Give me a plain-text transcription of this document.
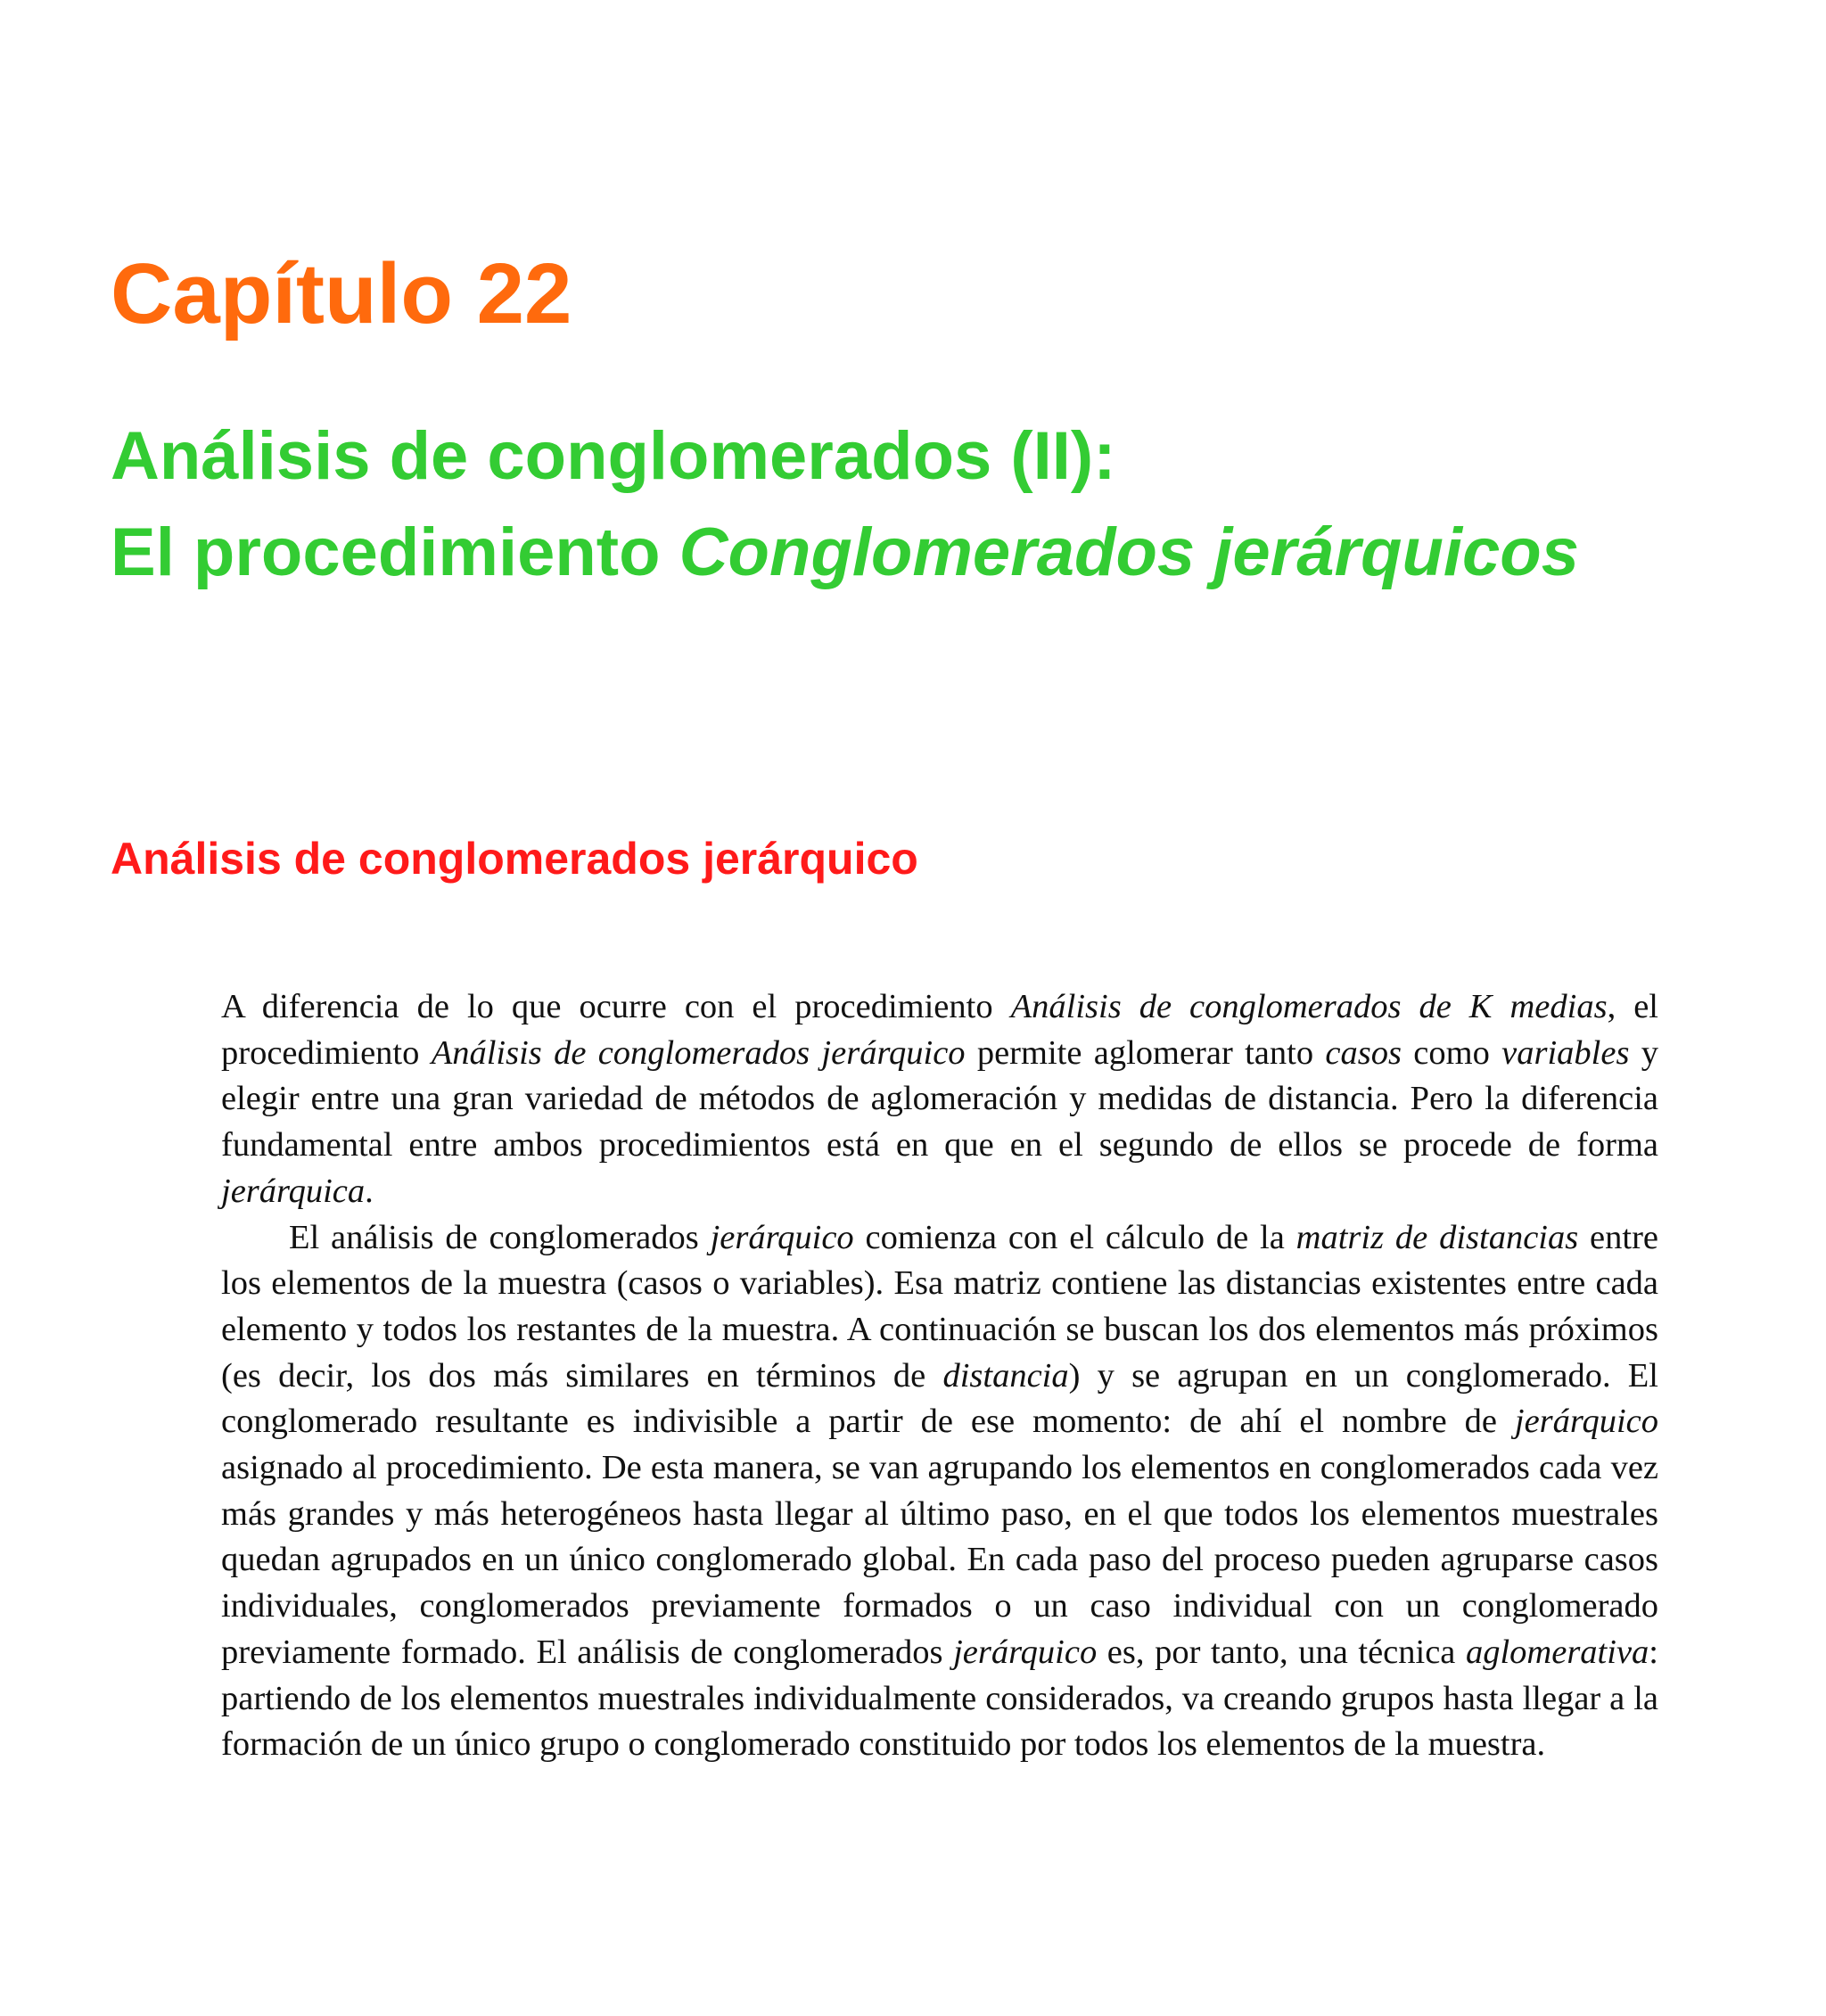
Capítulo 22
Análisis de conglomerados (II):
El procedimiento Conglomerados jerárquicos
Análisis de conglomerados jerárquico

A diferencia de lo que ocurre con el procedimiento Análisis de conglomerados de K medias, el procedimiento Análisis de conglomerados jerárquico permite aglomerar tanto casos como variables y elegir entre una gran variedad de métodos de aglomeración y medidas de distancia. Pero la diferencia fundamental entre ambos procedimientos está en que en el segundo de ellos se procede de forma jerárquica.

El análisis de conglomerados jerárquico comienza con el cálculo de la matriz de distancias entre los elementos de la muestra (casos o variables). Esa matriz contiene las distancias existentes entre cada elemento y todos los restantes de la muestra. A continuación se buscan los dos elementos más próximos (es decir, los dos más similares en términos de distancia) y se agrupan en un conglomerado. El conglomerado resultante es indivisible a partir de ese momento: de ahí el nombre de jerárquico asignado al procedimiento. De esta manera, se van agrupando los elementos en conglomerados cada vez más grandes y más heterogéneos hasta llegar al último paso, en el que todos los elementos muestrales quedan agrupados en un único conglomerado global. En cada paso del proceso pueden agruparse casos individuales, conglomerados previamente formados o un caso individual con un conglomerado previamente formado. El análisis de conglomerados jerárquico es, por tanto, una técnica aglomerativa: partiendo de los elementos muestrales individualmente considerados, va creando grupos hasta llegar a la formación de un único grupo o conglomerado constituido por todos los elementos de la muestra.
